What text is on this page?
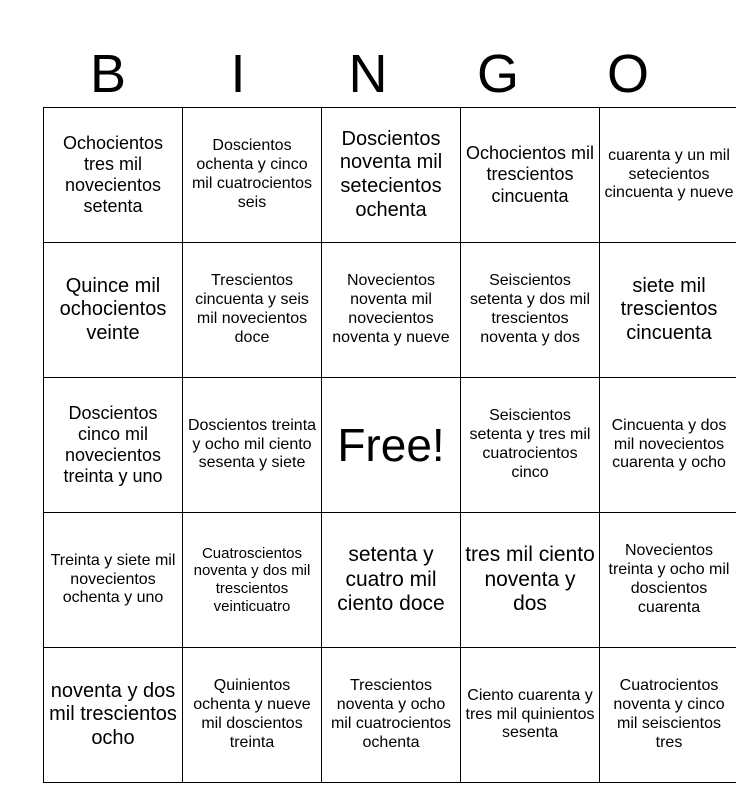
B	I	N	G	O
Ochocientos tres mil novecientos setenta	Doscientos ochenta y cinco mil cuatrocientos seis	Doscientos noventa mil setecientos ochenta	Ochocientos mil trescientos cincuenta	cuarenta y un mil setecientos cincuenta y nueve
Quince mil ochocientos veinte	Trescientos cincuenta y seis mil novecientos doce	Novecientos noventa mil novecientos noventa y nueve	Seiscientos setenta y dos mil trescientos noventa y dos	siete mil trescientos cincuenta
Doscientos cinco mil novecientos treinta y uno	Doscientos treinta y ocho mil ciento sesenta y siete	Free!	Seiscientos setenta y tres mil cuatrocientos cinco	Cincuenta y dos mil novecientos cuarenta y ocho
Treinta y siete mil novecientos ochenta y uno	Cuatroscientos noventa y dos mil trescientos veinticuatro	setenta y cuatro mil ciento doce	tres mil ciento noventa y dos	Novecientos treinta y ocho mil doscientos cuarenta
noventa y dos mil trescientos ocho	Quinientos ochenta y nueve mil doscientos treinta	Trescientos noventa y ocho mil cuatrocientos ochenta	Ciento cuarenta y tres mil quinientos sesenta	Cuatrocientos noventa y cinco mil seiscientos tres
